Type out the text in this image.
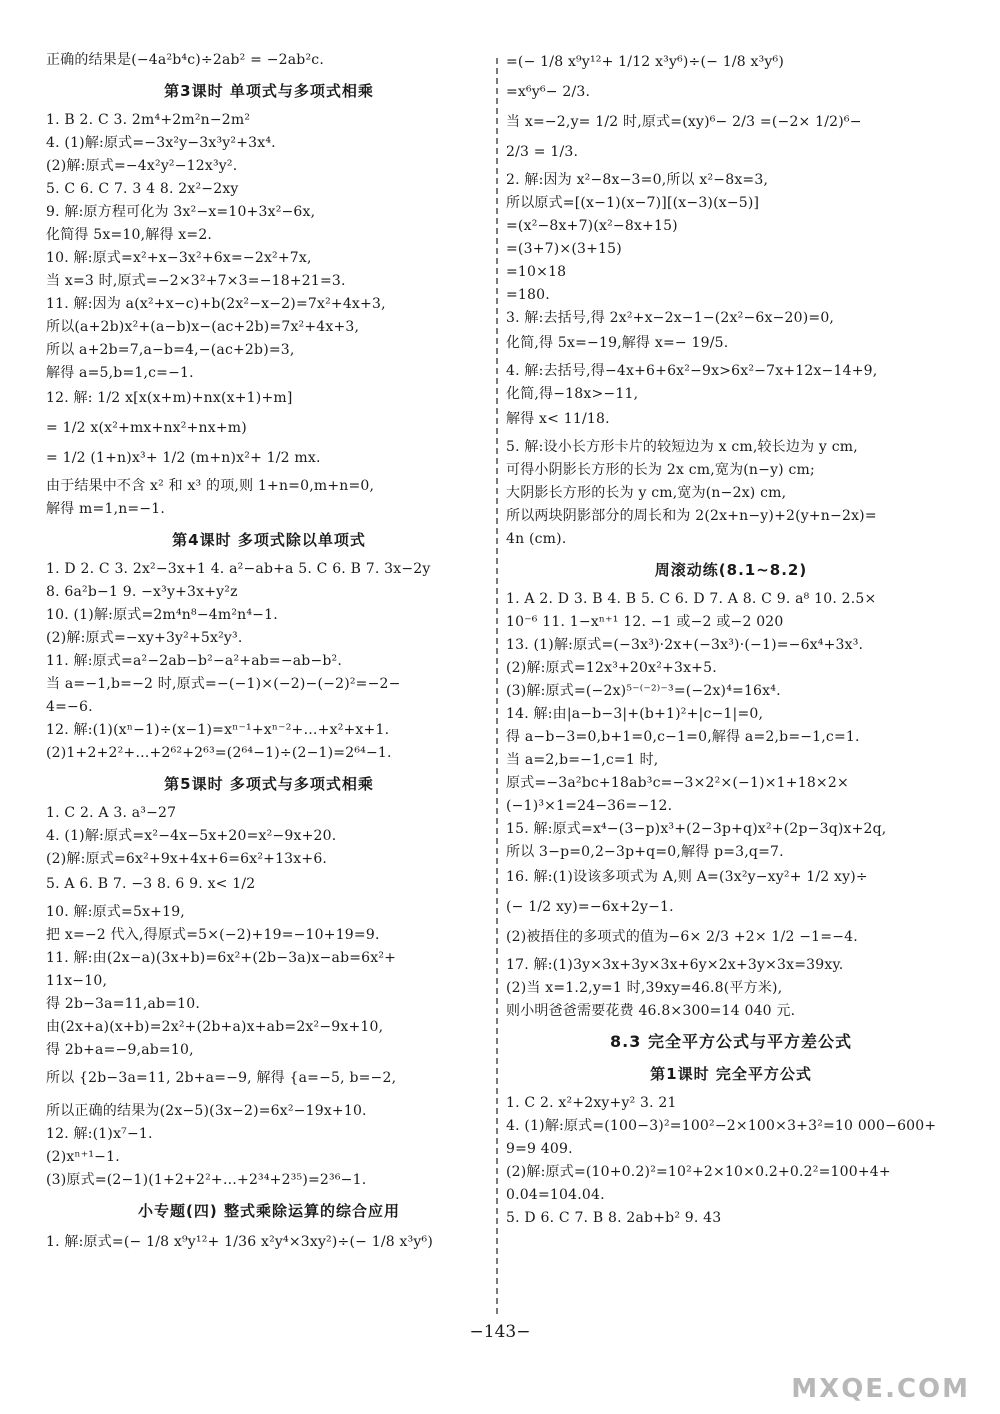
正确的结果是(−4a²b⁴c)÷2ab² = −2ab²c.
第3课时 单项式与多项式相乘
1. B 2. C 3. 2m⁴+2m²n−2m²
4. (1)解:原式=−3x²y−3x³y²+3x⁴.
(2)解:原式=−4x²y²−12x³y².
5. C 6. C 7. 3 4 8. 2x²−2xy
9. 解:原方程可化为 3x²−x=10+3x²−6x,
化简得 5x=10,解得 x=2.
10. 解:原式=x²+x−3x²+6x=−2x²+7x,
当 x=3 时,原式=−2×3²+7×3=−18+21=3.
11. 解:因为 a(x²+x−c)+b(2x²−x−2)=7x²+4x+3,
所以(a+2b)x²+(a−b)x−(ac+2b)=7x²+4x+3,
所以 a+2b=7,a−b=4,−(ac+2b)=3,
解得 a=5,b=1,c=−1.
12. 解: 1/2 x[x(x+m)+nx(x+1)+m]
= 1/2 x(x²+mx+nx²+nx+m)
= 1/2 (1+n)x³+ 1/2 (m+n)x²+ 1/2 mx.
由于结果中不含 x² 和 x³ 的项,则 1+n=0,m+n=0,
解得 m=1,n=−1.
第4课时 多项式除以单项式
1. D 2. C 3. 2x²−3x+1 4. a²−ab+a 5. C 6. B 7. 3x−2y
8. 6a²b−1 9. −x³y+3x+y²z
10. (1)解:原式=2m⁴n⁸−4m²n⁴−1.
(2)解:原式=−xy+3y²+5x²y³.
11. 解:原式=a²−2ab−b²−a²+ab=−ab−b².
当 a=−1,b=−2 时,原式=−(−1)×(−2)−(−2)²=−2−
4=−6.
12. 解:(1)(xⁿ−1)÷(x−1)=xⁿ⁻¹+xⁿ⁻²+…+x²+x+1.
(2)1+2+2²+…+2⁶²+2⁶³=(2⁶⁴−1)÷(2−1)=2⁶⁴−1.
第5课时 多项式与多项式相乘
1. C 2. A 3. a³−27
4. (1)解:原式=x²−4x−5x+20=x²−9x+20.
(2)解:原式=6x²+9x+4x+6=6x²+13x+6.
5. A 6. B 7. −3 8. 6 9. x< 1/2
10. 解:原式=5x+19,
把 x=−2 代入,得原式=5×(−2)+19=−10+19=9.
11. 解:由(2x−a)(3x+b)=6x²+(2b−3a)x−ab=6x²+
11x−10,
得 2b−3a=11,ab=10.
由(2x+a)(x+b)=2x²+(2b+a)x+ab=2x²−9x+10,
得 2b+a=−9,ab=10,
所以 {2b−3a=11, 2b+a=−9, 解得 {a=−5, b=−2,
所以正确的结果为(2x−5)(3x−2)=6x²−19x+10.
12. 解:(1)x⁷−1.
(2)xⁿ⁺¹−1.
(3)原式=(2−1)(1+2+2²+…+2³⁴+2³⁵)=2³⁶−1.
小专题(四) 整式乘除运算的综合应用
1. 解:原式=(− 1/8 x⁹y¹²+ 1/36 x²y⁴×3xy²)÷(− 1/8 x³y⁶)
=(− 1/8 x⁹y¹²+ 1/12 x³y⁶)÷(− 1/8 x³y⁶)
=x⁶y⁶− 2/3.
当 x=−2,y= 1/2 时,原式=(xy)⁶− 2/3 =(−2× 1/2)⁶−
2/3 = 1/3.
2. 解:因为 x²−8x−3=0,所以 x²−8x=3,
所以原式=[(x−1)(x−7)][(x−3)(x−5)]
=(x²−8x+7)(x²−8x+15)
=(3+7)×(3+15)
=10×18
=180.
3. 解:去括号,得 2x²+x−2x−1−(2x²−6x−20)=0,
化简,得 5x=−19,解得 x=− 19/5.
4. 解:去括号,得−4x+6+6x²−9x>6x²−7x+12x−14+9,
化简,得−18x>−11,
解得 x< 11/18.
5. 解:设小长方形卡片的较短边为 x cm,较长边为 y cm,
可得小阴影长方形的长为 2x cm,宽为(n−y) cm;
大阴影长方形的长为 y cm,宽为(n−2x) cm,
所以两块阴影部分的周长和为 2(2x+n−y)+2(y+n−2x)=
4n (cm).
周滚动练(8.1~8.2)
1. A 2. D 3. B 4. B 5. C 6. D 7. A 8. C 9. a⁸ 10. 2.5×
10⁻⁶ 11. 1−xⁿ⁺¹ 12. −1 或−2 或−2 020
13. (1)解:原式=(−3x³)·2x+(−3x³)·(−1)=−6x⁴+3x³.
(2)解:原式=12x³+20x²+3x+5.
(3)解:原式=(−2x)⁵⁻⁽⁻²⁾⁻³=(−2x)⁴=16x⁴.
14. 解:由|a−b−3|+(b+1)²+|c−1|=0,
得 a−b−3=0,b+1=0,c−1=0,解得 a=2,b=−1,c=1.
当 a=2,b=−1,c=1 时,
原式=−3a²bc+18ab³c=−3×2²×(−1)×1+18×2×
(−1)³×1=24−36=−12.
15. 解:原式=x⁴−(3−p)x³+(2−3p+q)x²+(2p−3q)x+2q,
所以 3−p=0,2−3p+q=0,解得 p=3,q=7.
16. 解:(1)设该多项式为 A,则 A=(3x²y−xy²+ 1/2 xy)÷
(− 1/2 xy)=−6x+2y−1.
(2)被捂住的多项式的值为−6× 2/3 +2× 1/2 −1=−4.
17. 解:(1)3y×3x+3y×3x+6y×2x+3y×3x=39xy.
(2)当 x=1.2,y=1 时,39xy=46.8(平方米),
则小明爸爸需要花费 46.8×300=14 040 元.
8.3 完全平方公式与平方差公式
第1课时 完全平方公式
1. C 2. x²+2xy+y² 3. 21
4. (1)解:原式=(100−3)²=100²−2×100×3+3²=10 000−600+
9=9 409.
(2)解:原式=(10+0.2)²=10²+2×10×0.2+0.2²=100+4+
0.04=104.04.
5. D 6. C 7. B 8. 2ab+b² 9. 43
−143−
MXQE.COM
